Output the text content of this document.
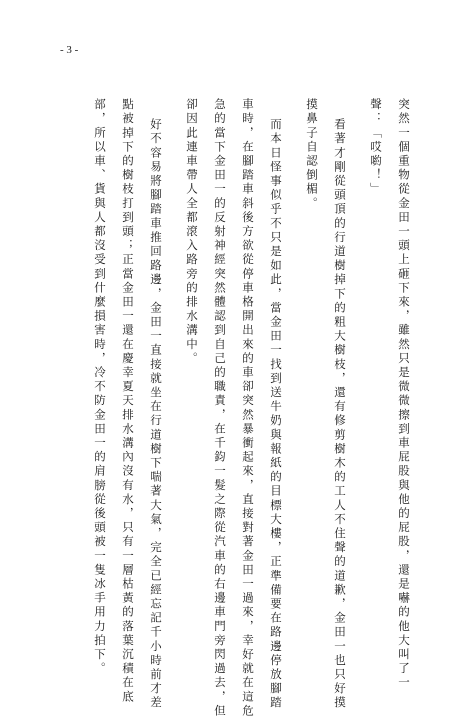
- 3 -
突然一個重物從金田一頭上砸下來，雖然只是微微擦到車屁股與他的屁股，還是嚇的他大叫了一
聲：「哎喲！」
看著才剛從頭頂的行道樹掉下的粗大樹枝，還有修剪樹木的工人不住聲的道歉，金田一也只好摸
摸鼻子自認倒楣。
而本日怪事似乎不只是如此，當金田一找到送牛奶與報紙的目標大樓，正準備要在路邊停放腳踏
車時，在腳踏車斜後方欲從停車格開出來的車卻突然暴衝起來，直接對著金田一過來，幸好就在這危
急的當下金田一的反射神經突然體認到自己的職責，在千鈞一髮之際從汽車的右邊車門旁閃過去，但
卻因此連車帶人全都滾入路旁的排水溝中。
好不容易將腳踏車推回路邊，金田一直接就坐在行道樹下喘著大氣，完全已經忘記千小時前才差
點被掉下的樹枝打到頭；正當金田一還在慶幸夏天排水溝內沒有水，只有一層枯黃的落葉沉積在底
部，所以車、貨與人都沒受到什麼損害時，冷不防金田一的肩膀從後頭被一隻冰手用力拍下。
